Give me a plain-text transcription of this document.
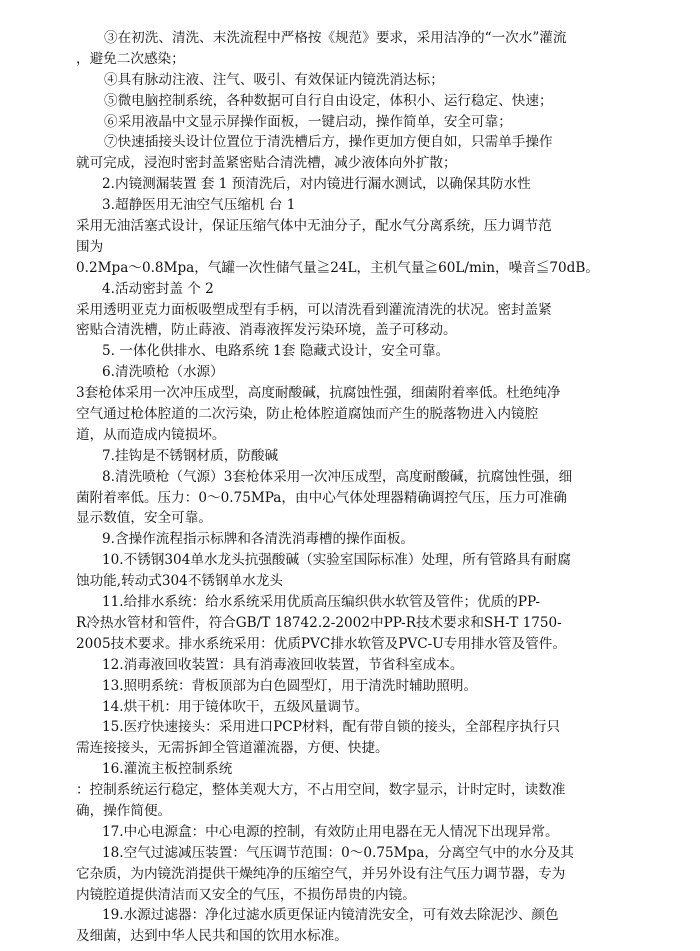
③在初洗、清洗、末洗流程中严格按《规范》要求，采用洁净的“一次水”灌流
，避免二次感染；
④具有脉动注液、注气、吸引、有效保证内镜洗消达标；
⑤微电脑控制系统，各种数据可自行自由设定，体积小、运行稳定、快速；
⑥采用液晶中文显示屏操作面板，一键启动，操作简单，安全可靠；
⑦快速插接头设计位置位于清洗槽后方，操作更加方便自如，只需单手操作
就可完成，浸泡时密封盖紧密贴合清洗槽，减少液体向外扩散；
2.内镜测漏装置 套 1 预清洗后，对内镜进行漏水测试，以确保其防水性
3.超静医用无油空气压缩机 台 1
采用无油活塞式设计，保证压缩气体中无油分子，配水气分离系统，压力调节范
围为
0.2Mpa～0.8Mpa，气罐一次性储气量≧24L，主机气量≧60L/min，噪音≦70dB。
4.活动密封盖 个 2
采用透明亚克力面板吸塑成型有手柄，可以清洗看到灌流清洗的状况。密封盖紧
密贴合清洗槽，防止蒔液、消毒液挥发污染环境，盖子可移动。
5. 一体化供排水、电路系统 1套 隐藏式设计，安全可靠。
6.清洗喷枪（水源）
3套枪体采用一次冲压成型，高度耐酸碱，抗腐蚀性强，细菌附着率低。杜绝纯净
空气通过枪体腔道的二次污染，防止枪体腔道腐蚀而产生的脱落物进入内镜腔
道，从而造成内镜损坏。
7.挂钩是不锈钢材质，防酸碱
8.清洗喷枪（气源）3套枪体采用一次冲压成型，高度耐酸碱，抗腐蚀性强，细
菌附着率低。压力：0～0.75MPa，由中心气体处理器精确调控气压，压力可准确
显示数值，安全可靠。
9.含操作流程指示标牌和各清洗消毒槽的操作面板。
10.不锈钢304单水龙头抗强酸碱（实验室国际标准）处理，所有管路具有耐腐
蚀功能,转动式304不锈钢单水龙头
11.给排水系统：给水系统采用优质高压编织供水软管及管件；优质的PP-
R冷热水管材和管件，符合GB/T 18742.2-2002中PP-R技术要求和SH-T 1750-
2005技术要求。排水系统采用：优质PVC排水软管及PVC-U专用排水管及管件。
12.消毒液回收装置：具有消毒液回收装置，节省科室成本。
13.照明系统：背板顶部为白色圆型灯，用于清洗时辅助照明。
14.烘干机：用于镜体吹干，五级风量调节。
15.医疗快速接头：采用进口PCP材料，配有带自锁的接头，全部程序执行只
需连接接头，无需拆卸全管道灌流器，方便、快捷。
16.灌流主板控制系统
：控制系统运行稳定，整体美观大方，不占用空间，数字显示，计时定时，读数准
确，操作简便。
17.中心电源盒：中心电源的控制，有效防止用电器在无人情况下出现异常。
18.空气过滤减压装置：气压调节范围：0～0.75Mpa，分离空气中的水分及其
它杂质，为内镜洗消提供干燥纯净的压缩空气，并另外设有注气压力调节器，专为
内镜腔道提供清洁而又安全的气压，不损伤昂贵的内镜。
19.水源过滤器：净化过滤水质更保证内镜清洗安全，可有效去除泥沙、颜色
及细菌，达到中华人民共和国的饮用水标准。
